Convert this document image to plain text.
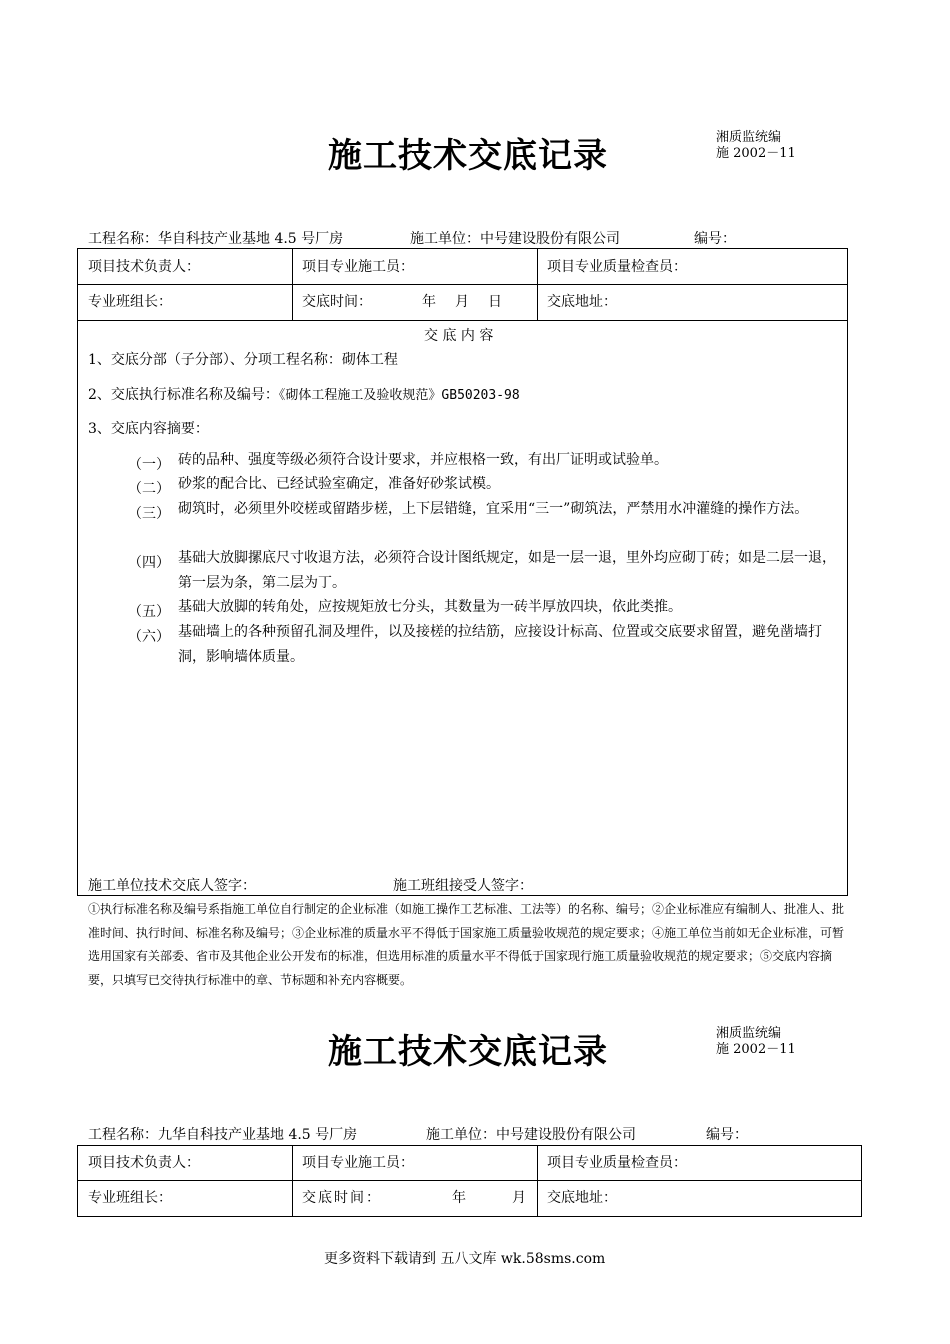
施工技术交底记录	湘质监统编
施 2002－11
工程名称：华自科技产业基地 4.5 号厂房	施工单位：中号建设股份有限公司	编号：
项目技术负责人：	项目专业施工员：	项目专业质量检查员：
专业班组长：	交底时间：	年 月 日	交底地址：
交 底 内 容
1、交底分部（子分部）、分项工程名称：砌体工程
2、交底执行标准名称及编号：《砌体工程施工及验收规范》GB50203-98
3、交底内容摘要：
（一） 砖的品种、强度等级必须符合设计要求，并应根格一致，有出厂证明或试验单。
（二） 砂浆的配合比、已经试验室确定，准备好砂浆试模。
（三） 砌筑时，必须里外咬槎或留踏步槎，上下层错缝，宜采用“三一”砌筑法，严禁用水冲灌缝的操作方法。
（四） 基础大放脚摞底尺寸收退方法，必须符合设计图纸规定，如是一层一退，里外均应砌丁砖；如是二层一退，第一层为条，第二层为丁。
（五） 基础大放脚的转角处，应按规矩放七分头，其数量为一砖半厚放四块，依此类推。
（六） 基础墙上的各种预留孔洞及埋件，以及接槎的拉结筋，应接设计标高、位置或交底要求留置，避免凿墙打洞，影响墙体质量。
施工单位技术交底人签字：	施工班组接受人签字：
①执行标准名称及编号系指施工单位自行制定的企业标准（如施工操作工艺标准、工法等）的名称、编号；②企业标准应有编制人、批准人、批准时间、执行时间、标准名称及编号；③企业标准的质量水平不得低于国家施工质量验收规范的规定要求；④施工单位当前如无企业标准，可暂选用国家有关部委、省市及其他企业公开发布的标准，但选用标准的质量水平不得低于国家现行施工质量验收规范的规定要求；⑤交底内容摘要，只填写已交待执行标准中的章、节标题和补充内容概要。
施工技术交底记录	湘质监统编
施 2002－11
工程名称：九华自科技产业基地 4.5 号厂房	施工单位：中号建设股份有限公司	编号：
项目技术负责人：	项目专业施工员：	项目专业质量检查员：
专业班组长：	交底时间：	年	月 交底地址：
更多资料下载请到 五八文库 wk.58sms.com
